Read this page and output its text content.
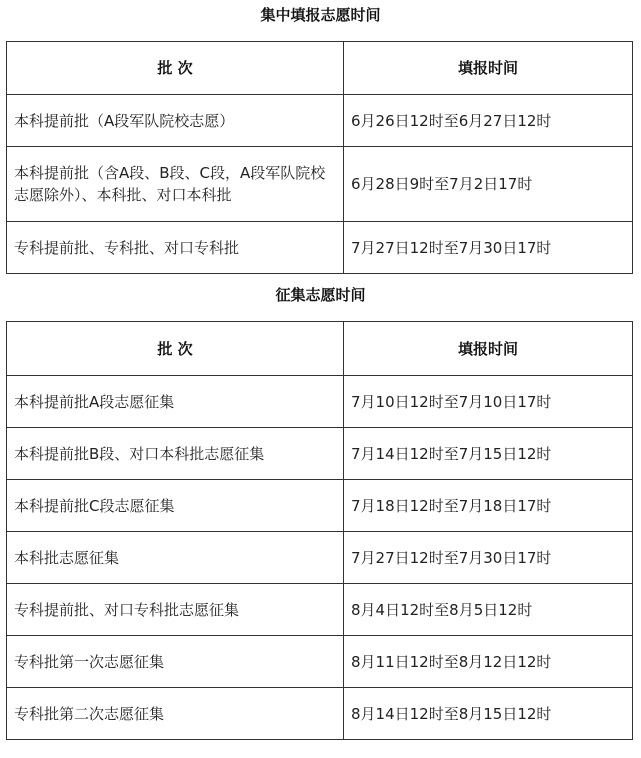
集中填报志愿时间
批 次	填报时间
本科提前批（A段军队院校志愿）	6月26日12时至6月27日12时
本科提前批（含A段、B段、C段，A段军队院校志愿除外）、本科批、对口本科批	6月28日9时至7月2日17时
专科提前批、专科批、对口专科批	7月27日12时至7月30日17时
征集志愿时间
批 次	填报时间
本科提前批A段志愿征集	7月10日12时至7月10日17时
本科提前批B段、对口本科批志愿征集	7月14日12时至7月15日12时
本科提前批C段志愿征集	7月18日12时至7月18日17时
本科批志愿征集	7月27日12时至7月30日17时
专科提前批、对口专科批志愿征集	8月4日12时至8月5日12时
专科批第一次志愿征集	8月11日12时至8月12日12时
专科批第二次志愿征集	8月14日12时至8月15日12时
